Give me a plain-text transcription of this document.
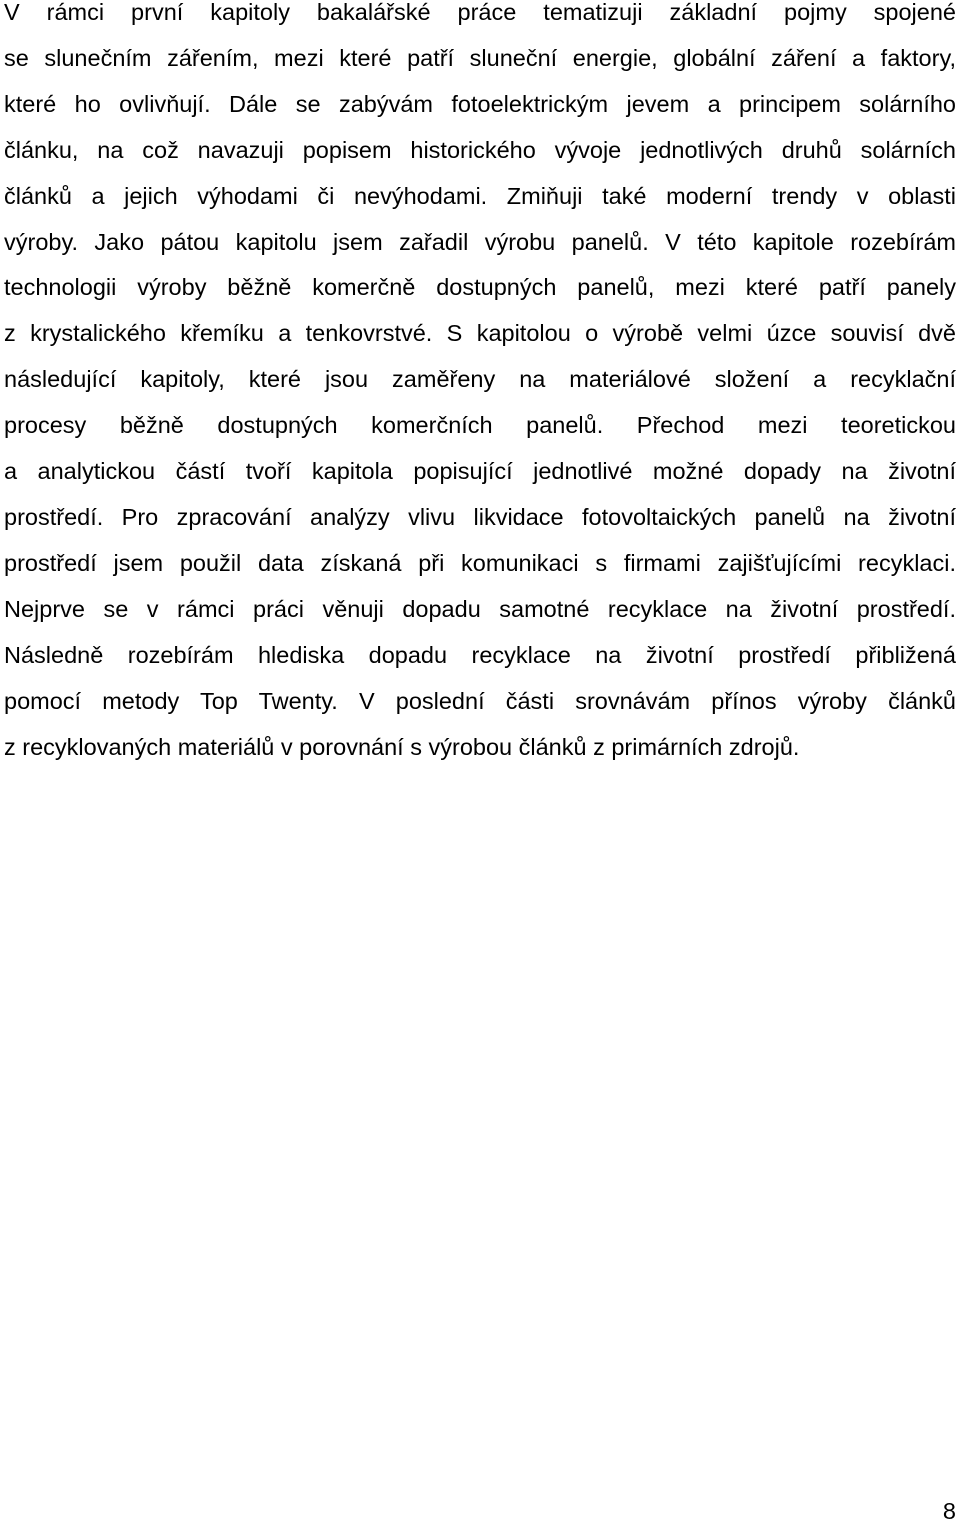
V rámci první kapitoly bakalářské práce tematizuji základní pojmy spojené
se slunečním zářením, mezi které patří sluneční energie, globální záření a faktory,
které ho ovlivňují. Dále se zabývám fotoelektrickým jevem a principem solárního
článku, na což navazuji popisem historického vývoje jednotlivých druhů solárních
článků a jejich výhodami či nevýhodami. Zmiňuji také moderní trendy v oblasti
výroby. Jako pátou kapitolu jsem zařadil výrobu panelů. V této kapitole rozebírám
technologii výroby běžně komerčně dostupných panelů, mezi které patří panely
z krystalického křemíku a tenkovrstvé. S kapitolou o výrobě velmi úzce souvisí dvě
následující kapitoly, které jsou zaměřeny na materiálové složení a recyklační
procesy běžně dostupných komerčních panelů. Přechod mezi teoretickou
a analytickou částí tvoří kapitola popisující jednotlivé možné dopady na životní
prostředí. Pro zpracování analýzy vlivu likvidace fotovoltaických panelů na životní
prostředí jsem použil data získaná při komunikaci s firmami zajišťujícími recyklaci.
Nejprve se v rámci práci věnuji dopadu samotné recyklace na životní prostředí.
Následně rozebírám hlediska dopadu recyklace na životní prostředí přibližená
pomocí metody Top Twenty. V poslední části srovnávám přínos výroby článků
z recyklovaných materiálů v porovnání s výrobou článků z primárních zdrojů.

8
